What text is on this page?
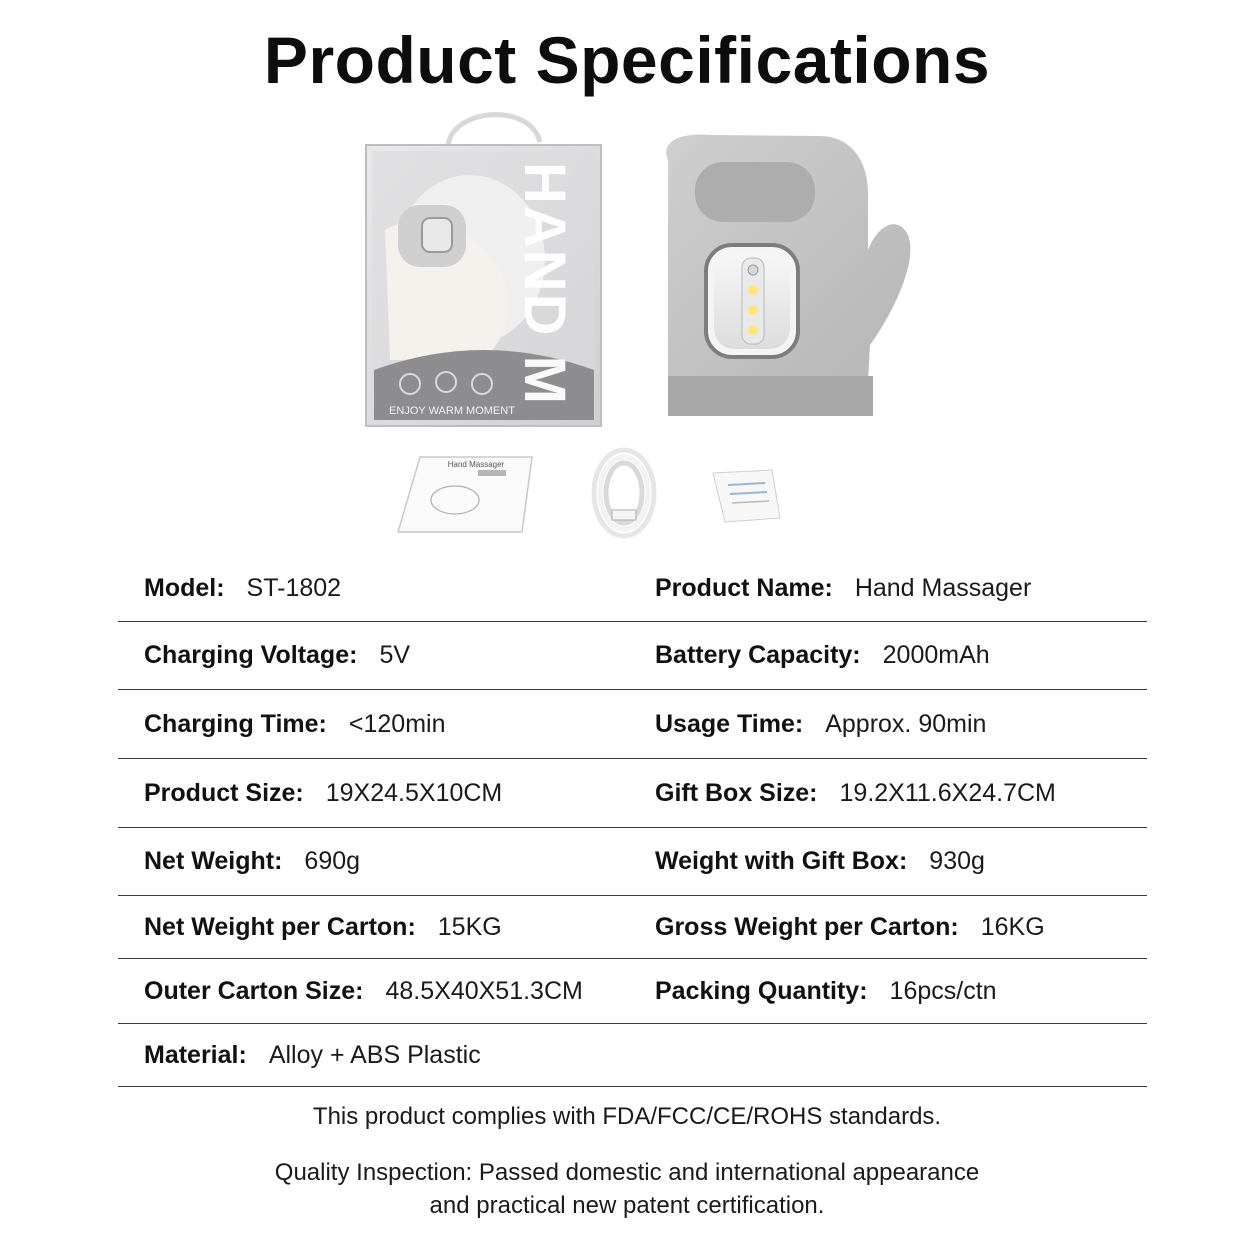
Product Specifications
HAND M
ENJOY WARM MOMENT
Hand Massager
Model: ST-1802	Product Name: Hand Massager
Charging Voltage: 5V	Battery Capacity: 2000mAh
Charging Time: <120min	Usage Time: Approx. 90min
Product Size: 19X24.5X10CM	Gift Box Size: 19.2X11.6X24.7CM
Net Weight: 690g	Weight with Gift Box: 930g
Net Weight per Carton: 15KG	Gross Weight per Carton: 16KG
Outer Carton Size: 48.5X40X51.3CM	Packing Quantity: 16pcs/ctn
Material: Alloy + ABS Plastic
This product complies with FDA/FCC/CE/ROHS standards.
Quality Inspection: Passed domestic and international appearance
and practical new patent certification.
